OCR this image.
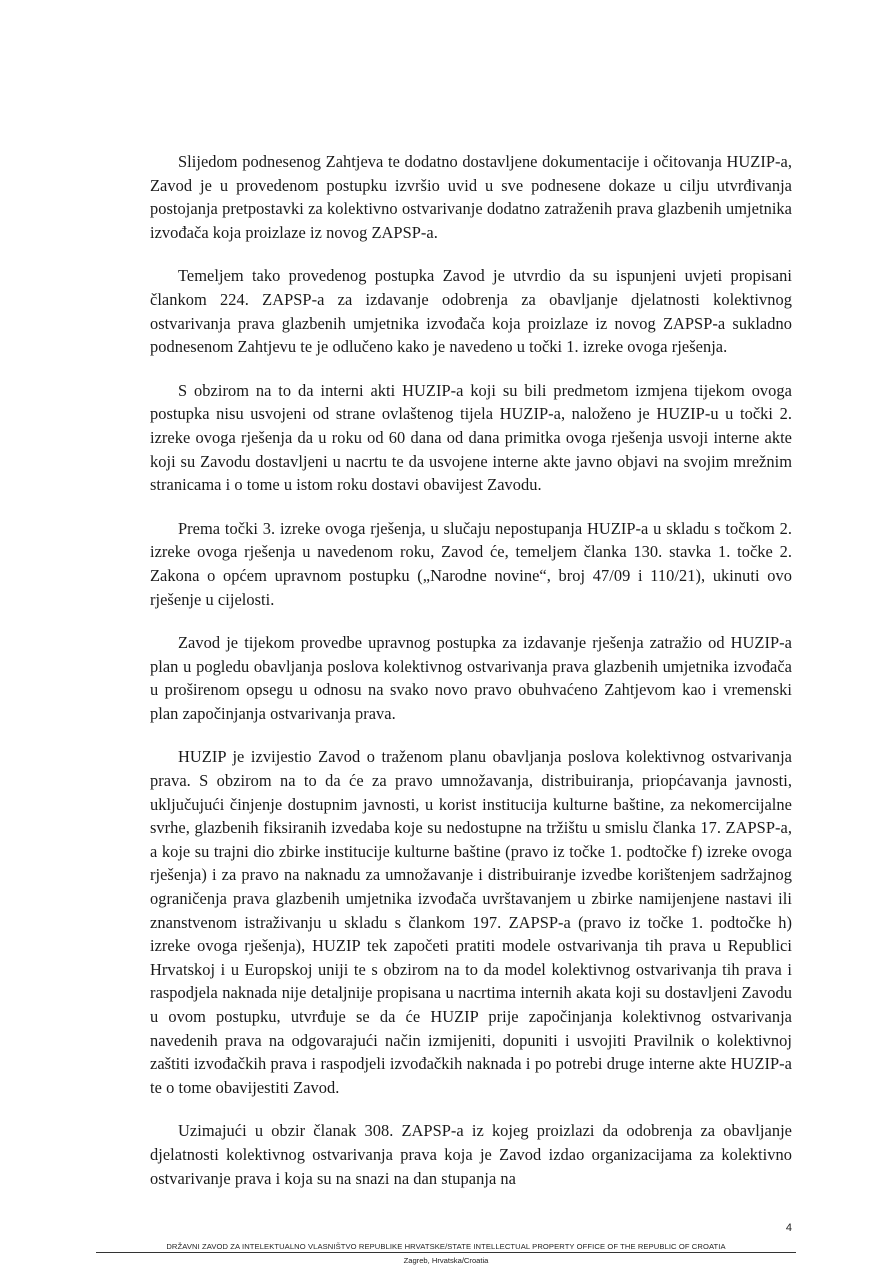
Slijedom podnesenog Zahtjeva te dodatno dostavljene dokumentacije i očitovanja HUZIP-a, Zavod je u provedenom postupku izvršio uvid u sve podnesene dokaze u cilju utvrđivanja postojanja pretpostavki za kolektivno ostvarivanje dodatno zatraženih prava glazbenih umjetnika izvođača koja proizlaze iz novog ZAPSP-a.

Temeljem tako provedenog postupka Zavod je utvrdio da su ispunjeni uvjeti propisani člankom 224. ZAPSP-a za izdavanje odobrenja za obavljanje djelatnosti kolektivnog ostvarivanja prava glazbenih umjetnika izvođača koja proizlaze iz novog ZAPSP-a sukladno podnesenom Zahtjevu te je odlučeno kako je navedeno u točki 1. izreke ovoga rješenja.

S obzirom na to da interni akti HUZIP-a koji su bili predmetom izmjena tijekom ovoga postupka nisu usvojeni od strane ovlaštenog tijela HUZIP-a, naloženo je HUZIP-u u točki 2. izreke ovoga rješenja da u roku od 60 dana od dana primitka ovoga rješenja usvoji interne akte koji su Zavodu dostavljeni u nacrtu te da usvojene interne akte javno objavi na svojim mrežnim stranicama i o tome u istom roku dostavi obavijest Zavodu.

Prema točki 3. izreke ovoga rješenja, u slučaju nepostupanja HUZIP-a u skladu s točkom 2. izreke ovoga rješenja u navedenom roku, Zavod će, temeljem članka 130. stavka 1. točke 2. Zakona o općem upravnom postupku („Narodne novine“, broj 47/09 i 110/21), ukinuti ovo rješenje u cijelosti.

Zavod je tijekom provedbe upravnog postupka za izdavanje rješenja zatražio od HUZIP-a plan u pogledu obavljanja poslova kolektivnog ostvarivanja prava glazbenih umjetnika izvođača u proširenom opsegu u odnosu na svako novo pravo obuhvaćeno Zahtjevom kao i vremenski plan započinjanja ostvarivanja prava.

HUZIP je izvijestio Zavod o traženom planu obavljanja poslova kolektivnog ostvarivanja prava. S obzirom na to da će za pravo umnožavanja, distribuiranja, priopćavanja javnosti, uključujući činjenje dostupnim javnosti, u korist institucija kulturne baštine, za nekomercijalne svrhe, glazbenih fiksiranih izvedaba koje su nedostupne na tržištu u smislu članka 17. ZAPSP-a, a koje su trajni dio zbirke institucije kulturne baštine (pravo iz točke 1. podtočke f) izreke ovoga rješenja) i za pravo na naknadu za umnožavanje i distribuiranje izvedbe korištenjem sadržajnog ograničenja prava glazbenih umjetnika izvođača uvrštavanjem u zbirke namijenjene nastavi ili znanstvenom istraživanju u skladu s člankom 197. ZAPSP-a (pravo iz točke 1. podtočke h) izreke ovoga rješenja), HUZIP tek započeti pratiti modele ostvarivanja tih prava u Republici Hrvatskoj i u Europskoj uniji te s obzirom na to da model kolektivnog ostvarivanja tih prava i raspodjela naknada nije detaljnije propisana u nacrtima internih akata koji su dostavljeni Zavodu u ovom postupku, utvrđuje se da će HUZIP prije započinjanja kolektivnog ostvarivanja navedenih prava na odgovarajući način izmijeniti, dopuniti i usvojiti Pravilnik o kolektivnoj zaštiti izvođačkih prava i raspodjeli izvođačkih naknada i po potrebi druge interne akte HUZIP-a te o tome obavijestiti Zavod.

Uzimajući u obzir članak 308. ZAPSP-a iz kojeg proizlazi da odobrenja za obavljanje djelatnosti kolektivnog ostvarivanja prava koja je Zavod izdao organizacijama za kolektivno ostvarivanje prava i koja su na snazi na dan stupanja na

4
DRŽAVNI ZAVOD ZA INTELEKTUALNO VLASNIŠTVO REPUBLIKE HRVATSKE/STATE INTELLECTUAL PROPERTY OFFICE OF THE REPUBLIC OF CROATIA
Zagreb, Hrvatska/Croatia
